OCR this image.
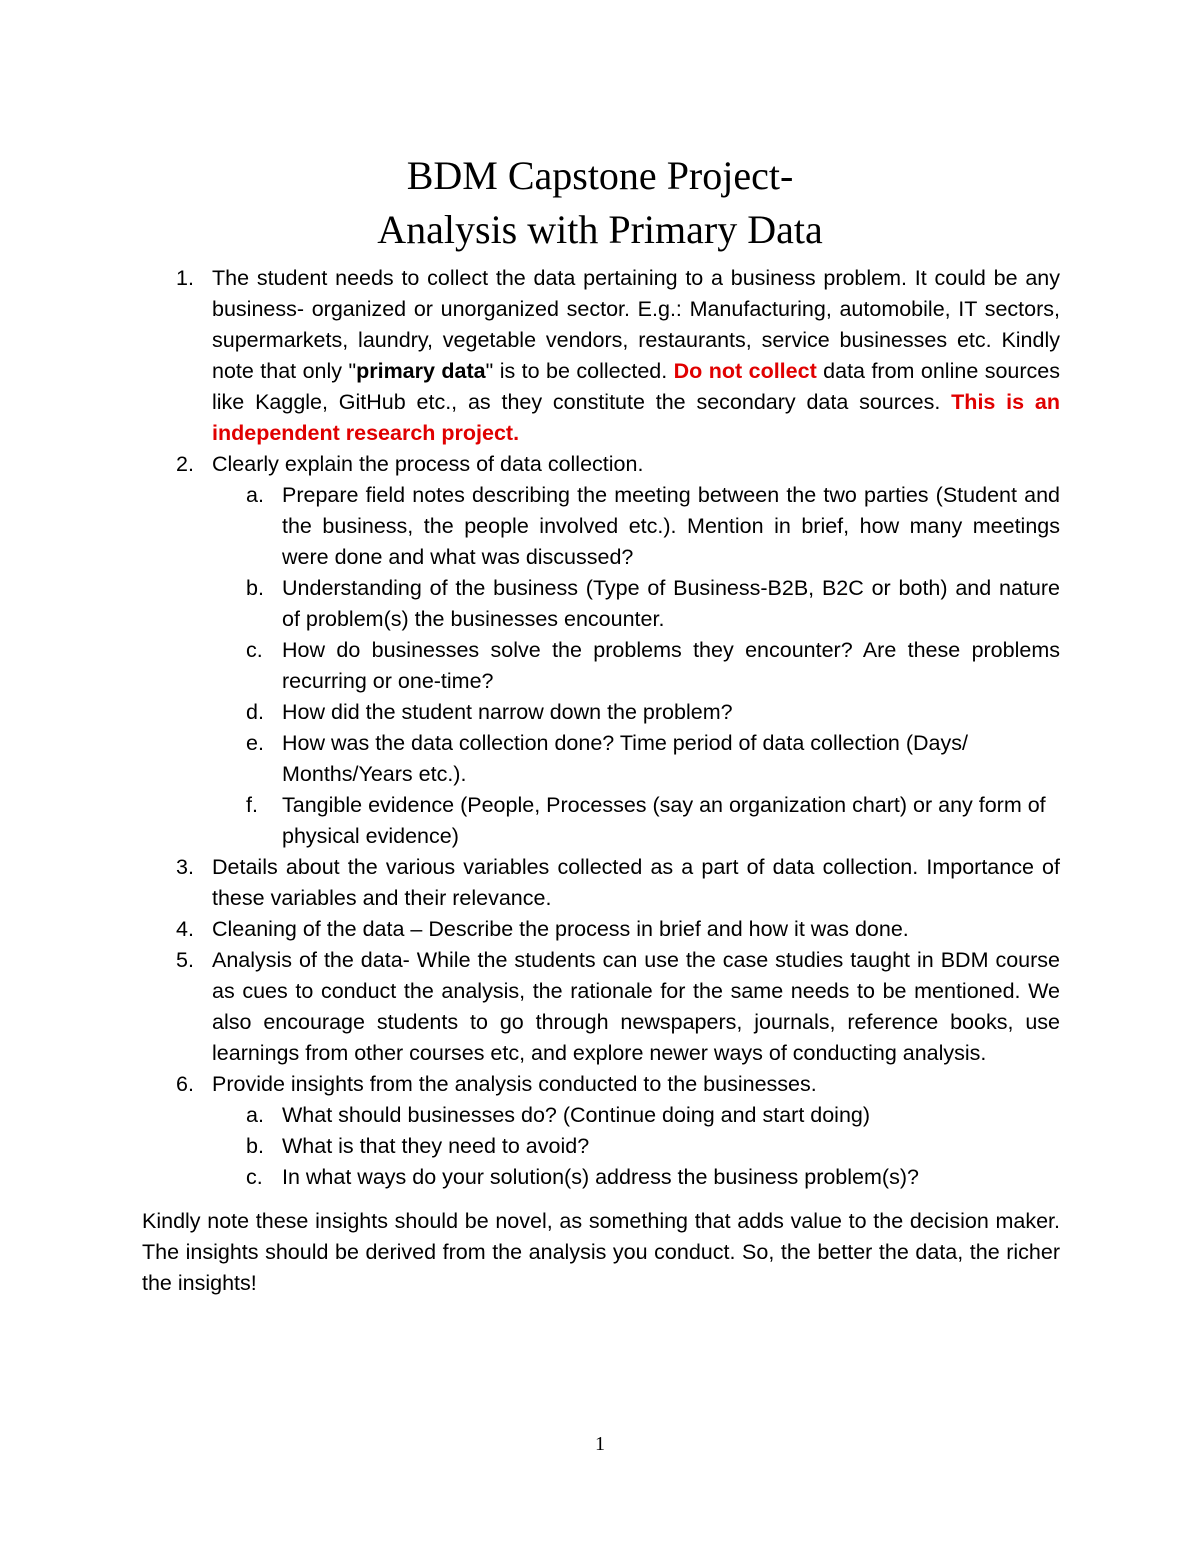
BDM Capstone Project-
Analysis with Primary Data
1. The student needs to collect the data pertaining to a business problem. It could be any business- organized or unorganized sector. E.g.: Manufacturing, automobile, IT sectors, supermarkets, laundry, vegetable vendors, restaurants, service businesses etc. Kindly note that only "primary data" is to be collected. Do not collect data from online sources like Kaggle, GitHub etc., as they constitute the secondary data sources. This is an independent research project.
2. Clearly explain the process of data collection.
a. Prepare field notes describing the meeting between the two parties (Student and the business, the people involved etc.). Mention in brief, how many meetings were done and what was discussed?
b. Understanding of the business (Type of Business-B2B, B2C or both) and nature of problem(s) the businesses encounter.
c. How do businesses solve the problems they encounter? Are these problems recurring or one-time?
d. How did the student narrow down the problem?
e. How was the data collection done? Time period of data collection (Days/ Months/Years etc.).
f. Tangible evidence (People, Processes (say an organization chart) or any form of physical evidence)
3. Details about the various variables collected as a part of data collection. Importance of these variables and their relevance.
4. Cleaning of the data – Describe the process in brief and how it was done.
5. Analysis of the data- While the students can use the case studies taught in BDM course as cues to conduct the analysis, the rationale for the same needs to be mentioned. We also encourage students to go through newspapers, journals, reference books, use learnings from other courses etc, and explore newer ways of conducting analysis.
6. Provide insights from the analysis conducted to the businesses.
a. What should businesses do? (Continue doing and start doing)
b. What is that they need to avoid?
c. In what ways do your solution(s) address the business problem(s)?

Kindly note these insights should be novel, as something that adds value to the decision maker. The insights should be derived from the analysis you conduct. So, the better the data, the richer the insights!

1
